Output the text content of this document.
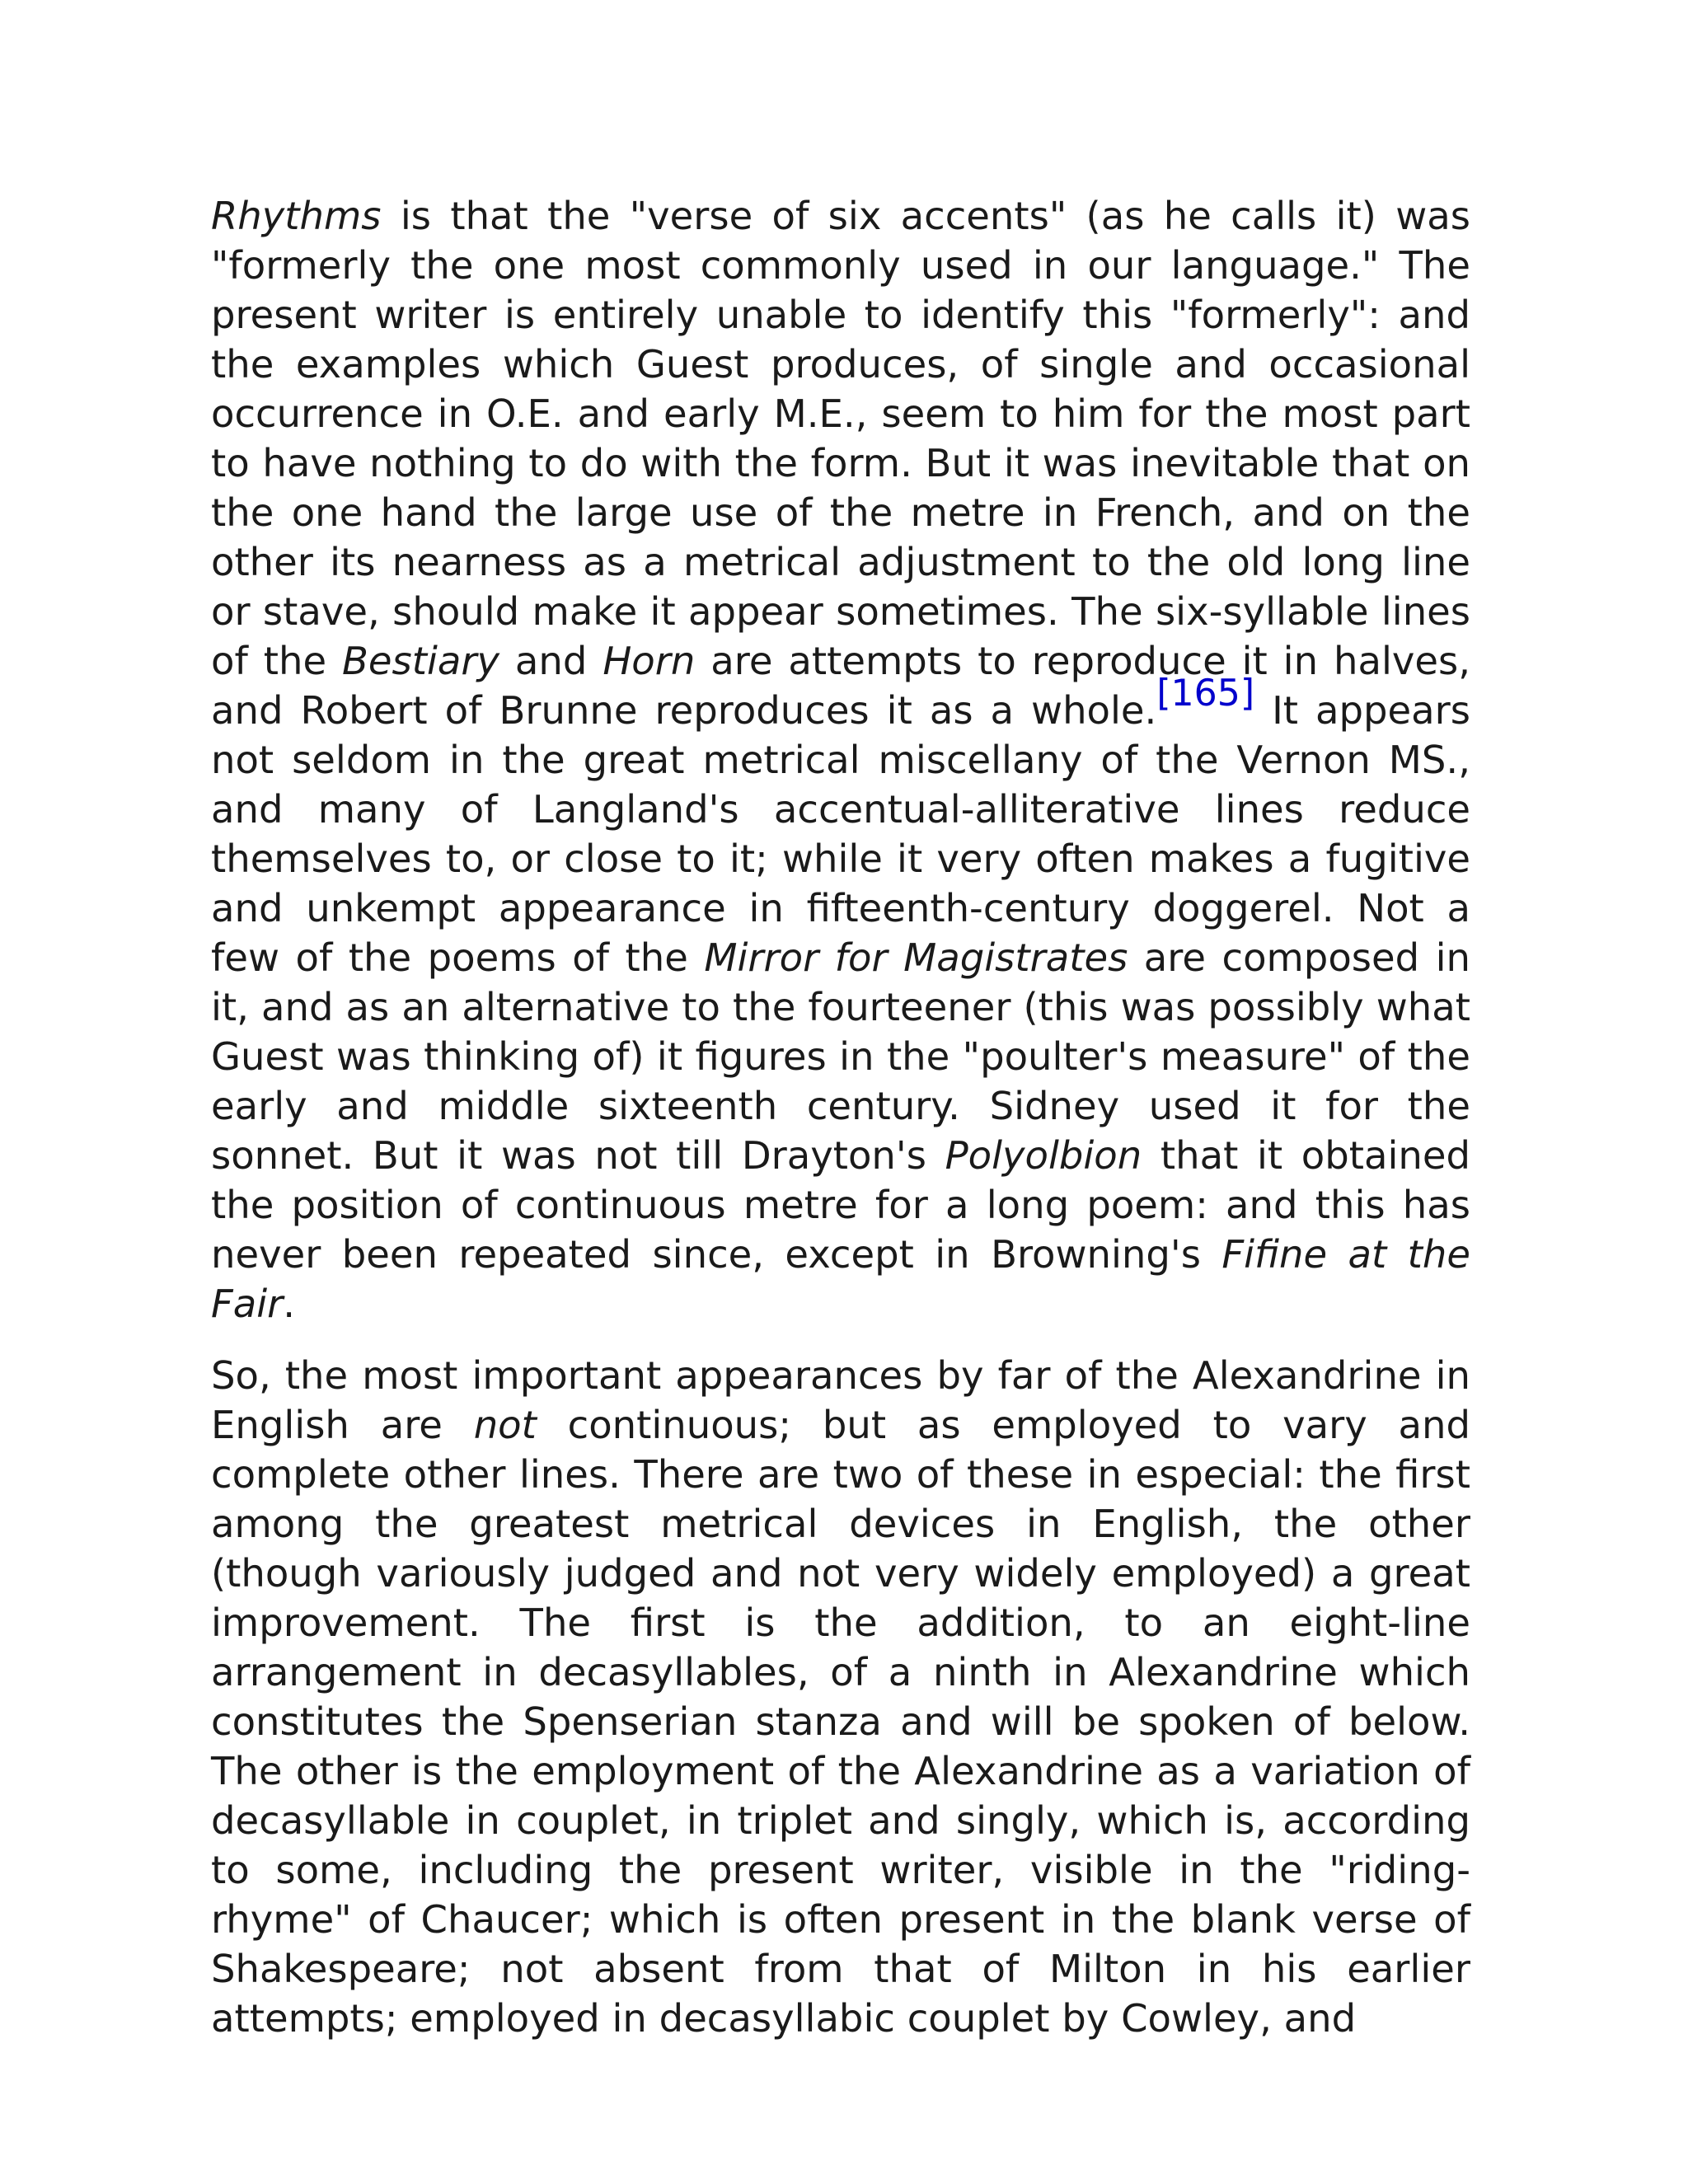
Rhythms is that the "verse of six accents" (as he calls it) was "formerly the one most commonly used in our language." The present writer is entirely unable to identify this "formerly": and the examples which Guest produces, of single and occasional occurrence in O.E. and early M.E., seem to him for the most part to have nothing to do with the form. But it was inevitable that on the one hand the large use of the metre in French, and on the other its nearness as a metrical adjustment to the old long line or stave, should make it appear sometimes. The six-syllable lines of the Bestiary and Horn are attempts to reproduce it in halves, and Robert of Brunne reproduces it as a whole.[165] It appears not seldom in the great metrical miscellany of the Vernon MS., and many of Langland's accentual-alliterative lines reduce themselves to, or close to it; while it very often makes a fugitive and unkempt appearance in fifteenth-century doggerel. Not a few of the poems of the Mirror for Magistrates are composed in it, and as an alternative to the fourteener (this was possibly what Guest was thinking of) it figures in the "poulter's measure" of the early and middle sixteenth century. Sidney used it for the sonnet. But it was not till Drayton's Polyolbion that it obtained the position of continuous metre for a long poem: and this has never been repeated since, except in Browning's Fifine at the Fair.

So, the most important appearances by far of the Alexandrine in English are not continuous; but as employed to vary and complete other lines. There are two of these in especial: the first among the greatest metrical devices in English, the other (though variously judged and not very widely employed) a great improvement. The first is the addition, to an eight-line arrangement in decasyllables, of a ninth in Alexandrine which constitutes the Spenserian stanza and will be spoken of below. The other is the employment of the Alexandrine as a variation of decasyllable in couplet, in triplet and singly, which is, according to some, including the present writer, visible in the "riding-rhyme" of Chaucer; which is often present in the blank verse of Shakespeare; not absent from that of Milton in his earlier attempts; employed in decasyllabic couplet by Cowley, and
